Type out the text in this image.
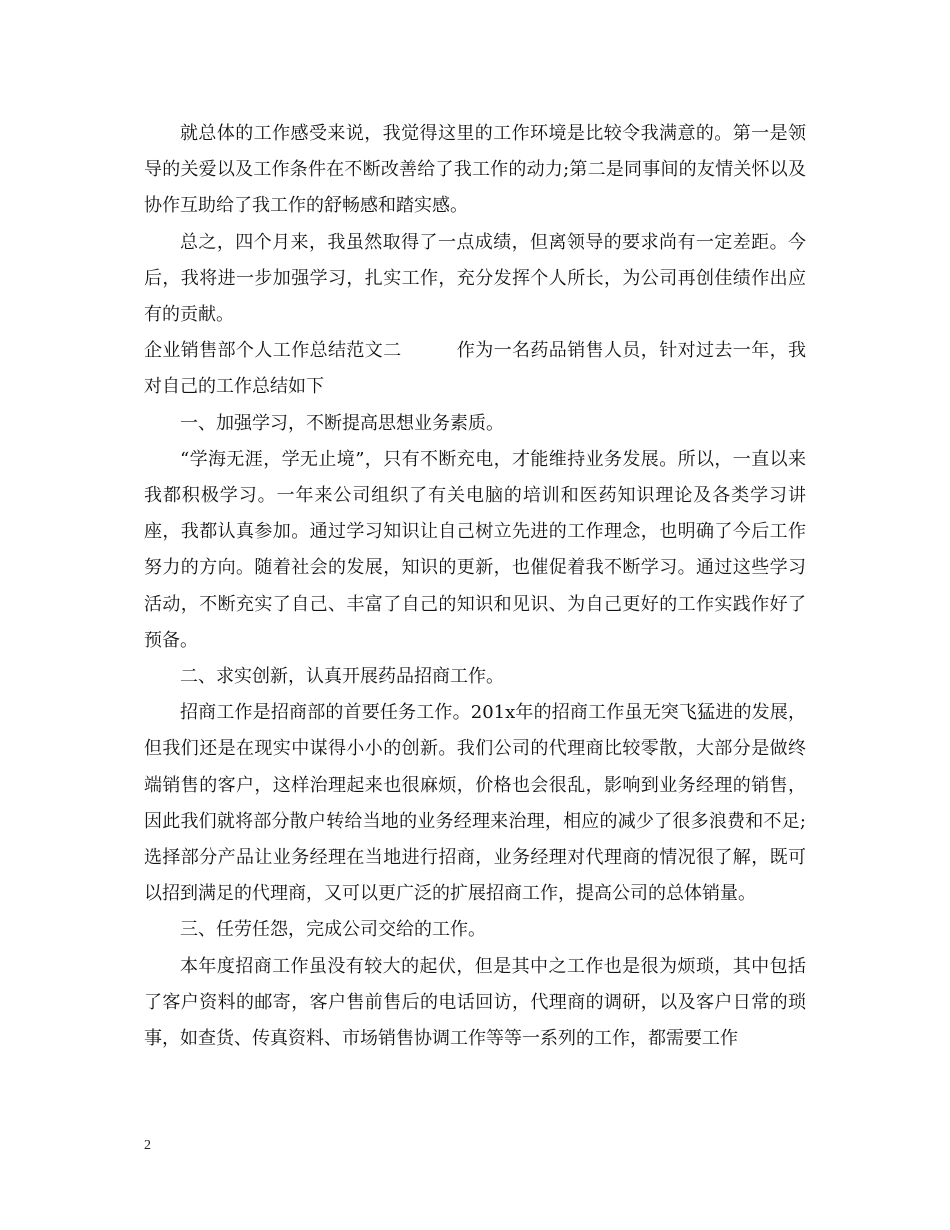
就总体的工作感受来说，我觉得这里的工作环境是比较令我满意的。第一是领导的关爱以及工作条件在不断改善给了我工作的动力;第二是同事间的友情关怀以及协作互助给了我工作的舒畅感和踏实感。

总之，四个月来，我虽然取得了一点成绩，但离领导的要求尚有一定差距。今后，我将进一步加强学习，扎实工作，充分发挥个人所长，为公司再创佳绩作出应有的贡献。

企业销售部个人工作总结范文二　　　作为一名药品销售人员，针对过去一年，我对自己的工作总结如下

一、加强学习，不断提高思想业务素质。

“学海无涯，学无止境”，只有不断充电，才能维持业务发展。所以，一直以来我都积极学习。一年来公司组织了有关电脑的培训和医药知识理论及各类学习讲座，我都认真参加。通过学习知识让自己树立先进的工作理念，也明确了今后工作努力的方向。随着社会的发展，知识的更新，也催促着我不断学习。通过这些学习活动，不断充实了自己、丰富了自己的知识和见识、为自己更好的工作实践作好了预备。

二、求实创新，认真开展药品招商工作。

招商工作是招商部的首要任务工作。201x年的招商工作虽无突飞猛进的发展，但我们还是在现实中谋得小小的创新。我们公司的代理商比较零散，大部分是做终端销售的客户，这样治理起来也很麻烦，价格也会很乱，影响到业务经理的销售，因此我们就将部分散户转给当地的业务经理来治理，相应的减少了很多浪费和不足;选择部分产品让业务经理在当地进行招商，业务经理对代理商的情况很了解，既可以招到满足的代理商，又可以更广泛的扩展招商工作，提高公司的总体销量。

三、任劳任怨，完成公司交给的工作。

本年度招商工作虽没有较大的起伏，但是其中之工作也是很为烦琐，其中包括了客户资料的邮寄，客户售前售后的电话回访，代理商的调研，以及客户日常的琐事，如查货、传真资料、市场销售协调工作等等一系列的工作，都需要工作

2
